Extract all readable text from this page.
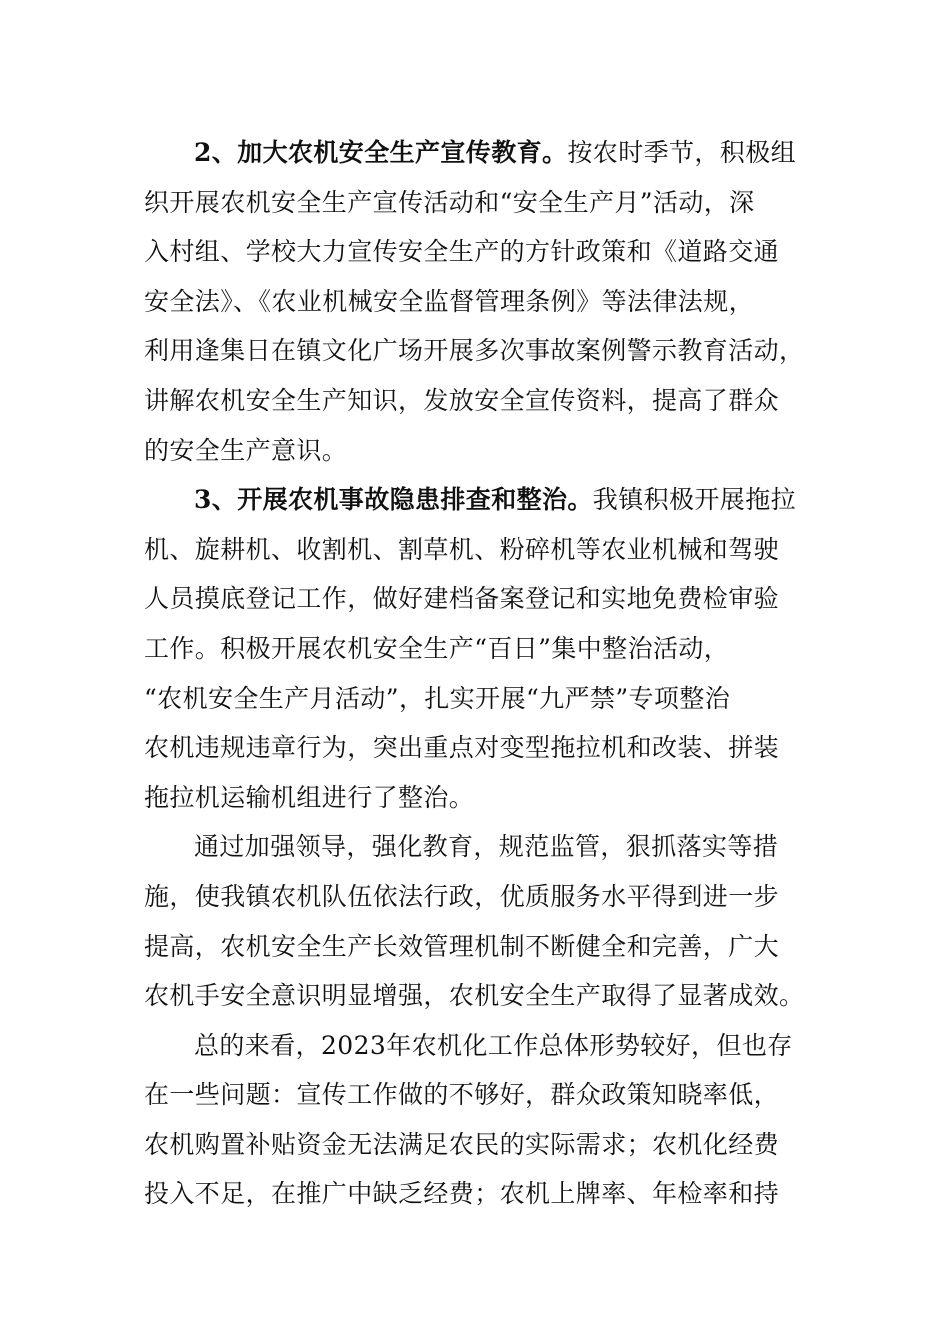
2、加大农机安全生产宣传教育。按农时季节，积极组
织开展农机安全生产宣传活动和“安全生产月”活动，深
入村组、学校大力宣传安全生产的方针政策和《道路交通
安全法》、《农业机械安全监督管理条例》等法律法规，
利用逢集日在镇文化广场开展多次事故案例警示教育活动，
讲解农机安全生产知识，发放安全宣传资料，提高了群众
的安全生产意识。
3、开展农机事故隐患排查和整治。我镇积极开展拖拉
机、旋耕机、收割机、割草机、粉碎机等农业机械和驾驶
人员摸底登记工作，做好建档备案登记和实地免费检审验
工作。积极开展农机安全生产“百日”集中整治活动，
“农机安全生产月活动”，扎实开展“九严禁”专项整治
农机违规违章行为，突出重点对变型拖拉机和改装、拼装
拖拉机运输机组进行了整治。
通过加强领导，强化教育，规范监管，狠抓落实等措
施，使我镇农机队伍依法行政，优质服务水平得到进一步
提高，农机安全生产长效管理机制不断健全和完善，广大
农机手安全意识明显增强，农机安全生产取得了显著成效。
总的来看，2023年农机化工作总体形势较好，但也存
在一些问题：宣传工作做的不够好，群众政策知晓率低，
农机购置补贴资金无法满足农民的实际需求；农机化经费
投入不足，在推广中缺乏经费；农机上牌率、年检率和持
